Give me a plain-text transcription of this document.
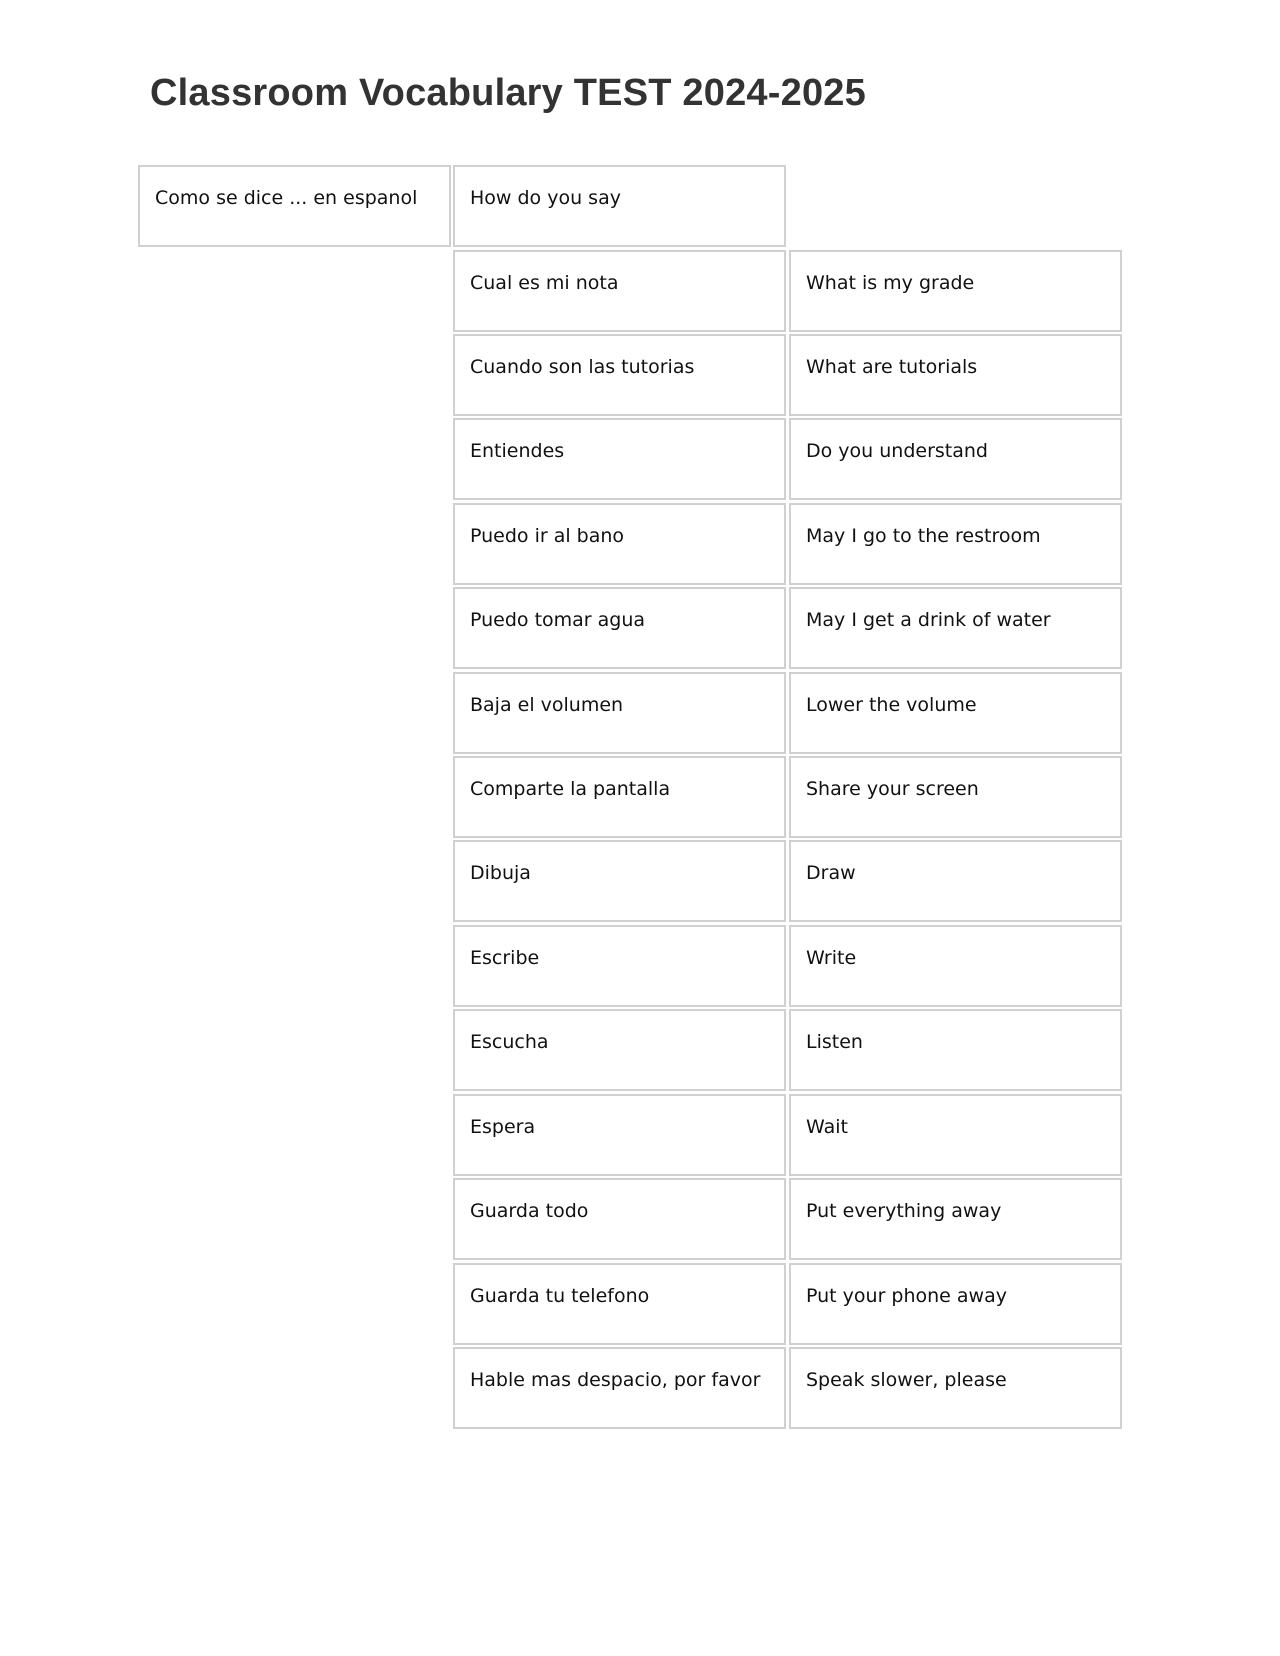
Classroom Vocabulary TEST 2024-2025
Como se dice ... en espanol	How do you say
Cual es mi nota	What is my grade
Cuando son las tutorias	What are tutorials
Entiendes	Do you understand
Puedo ir al bano	May I go to the restroom
Puedo tomar agua	May I get a drink of water
Baja el volumen	Lower the volume
Comparte la pantalla	Share your screen
Dibuja	Draw
Escribe	Write
Escucha	Listen
Espera	Wait
Guarda todo	Put everything away
Guarda tu telefono	Put your phone away
Hable mas despacio, por favor	Speak slower, please
